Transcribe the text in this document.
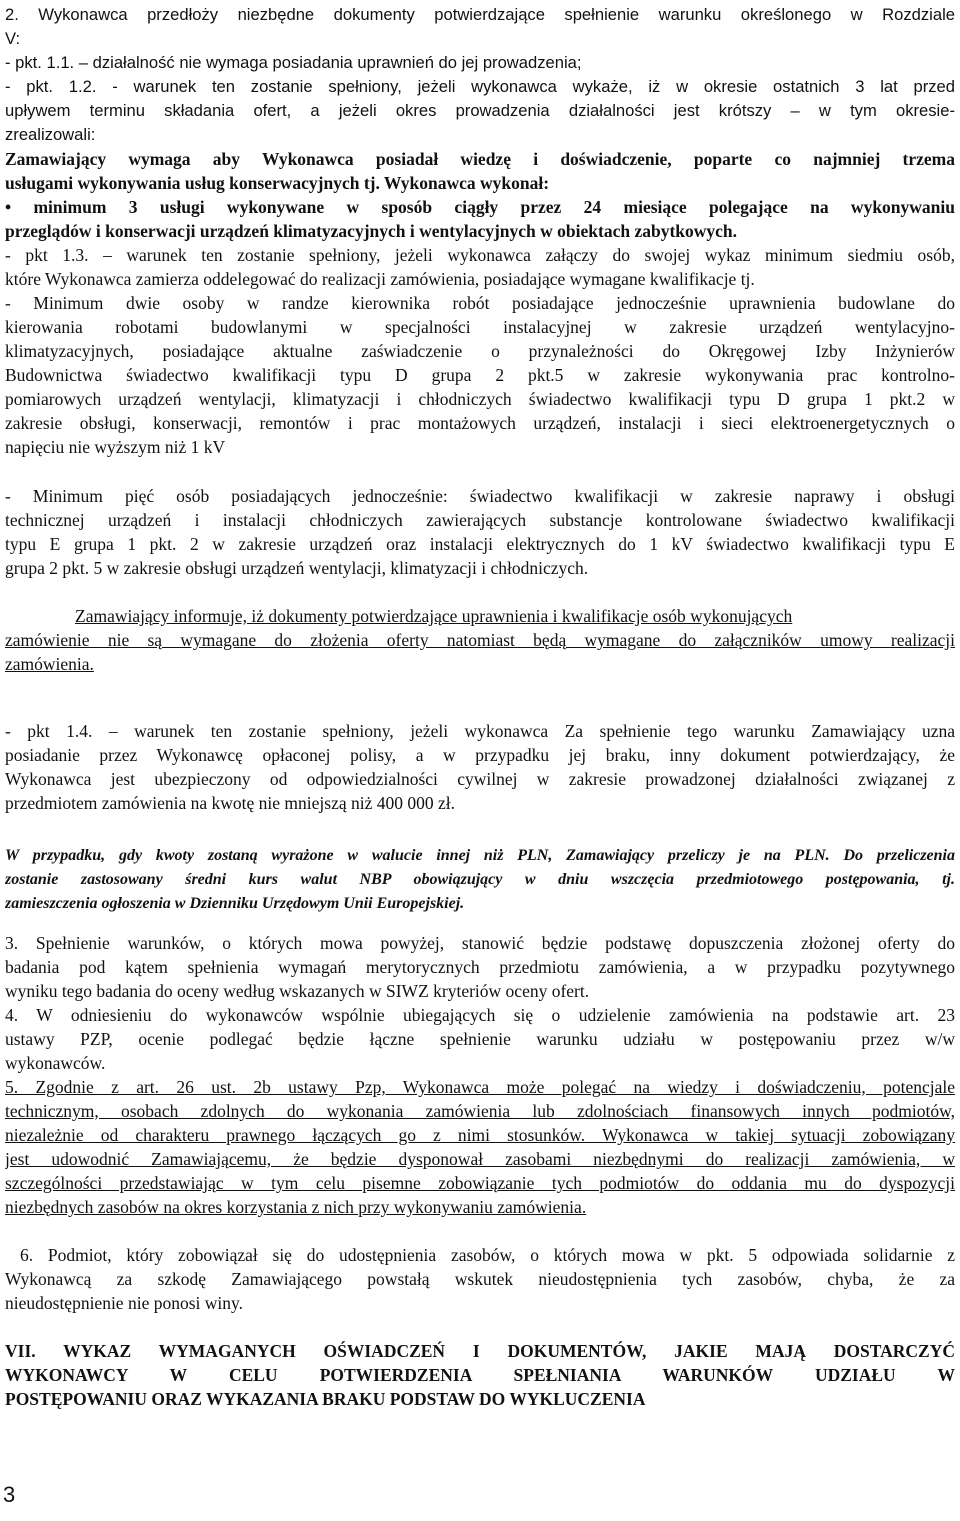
2. Wykonawca przedłoży niezbędne dokumenty potwierdzające spełnienie warunku określonego w Rozdziale
V:
- pkt. 1.1. – działalność nie wymaga posiadania uprawnień do jej prowadzenia;
- pkt. 1.2. - warunek ten zostanie spełniony, jeżeli wykonawca wykaże, iż w okresie ostatnich 3 lat przed
upływem terminu składania ofert, a jeżeli okres prowadzenia działalności jest krótszy – w tym okresie-
zrealizowali:
Zamawiający wymaga aby Wykonawca posiadał wiedzę i doświadczenie, poparte co najmniej trzema
usługami wykonywania usług konserwacyjnych tj. Wykonawca wykonał:
• minimum 3 usługi wykonywane w sposób ciągły przez 24 miesiące polegające na wykonywaniu
przeglądów i konserwacji urządzeń klimatyzacyjnych i wentylacyjnych w obiektach zabytkowych.
- pkt 1.3. – warunek ten zostanie spełniony, jeżeli wykonawca załączy do swojej wykaz minimum siedmiu osób,
które Wykonawca zamierza oddelegować do realizacji zamówienia, posiadające wymagane kwalifikacje tj.
- Minimum dwie osoby w randze kierownika robót posiadające jednocześnie uprawnienia budowlane do
kierowania robotami budowlanymi w specjalności instalacyjnej w zakresie urządzeń wentylacyjno-
klimatyzacyjnych, posiadające aktualne zaświadczenie o przynależności do Okręgowej Izby Inżynierów
Budownictwa świadectwo kwalifikacji typu D grupa 2 pkt.5 w zakresie wykonywania prac kontrolno-
pomiarowych urządzeń wentylacji, klimatyzacji i chłodniczych świadectwo kwalifikacji typu D grupa 1 pkt.2 w
zakresie obsługi, konserwacji, remontów i prac montażowych urządzeń, instalacji i sieci elektroenergetycznych o
napięciu nie wyższym niż 1 kV
- Minimum pięć osób posiadających jednocześnie: świadectwo kwalifikacji w zakresie naprawy i obsługi
technicznej urządzeń i instalacji chłodniczych zawierających substancje kontrolowane świadectwo kwalifikacji
typu E grupa 1 pkt. 2 w zakresie urządzeń oraz instalacji elektrycznych do 1 kV świadectwo kwalifikacji typu E
grupa 2 pkt. 5 w zakresie obsługi urządzeń wentylacji, klimatyzacji i chłodniczych.
Zamawiający informuje, iż dokumenty potwierdzające uprawnienia i kwalifikacje osób wykonujących
zamówienie nie są wymagane do złożenia oferty natomiast będą wymagane do załączników umowy realizacji
zamówienia.
- pkt 1.4. – warunek ten zostanie spełniony, jeżeli wykonawca Za spełnienie tego warunku Zamawiający uzna
posiadanie przez Wykonawcę opłaconej polisy, a w przypadku jej braku, inny dokument potwierdzający, że
Wykonawca jest ubezpieczony od odpowiedzialności cywilnej w zakresie prowadzonej działalności związanej z
przedmiotem zamówienia na kwotę nie mniejszą niż 400 000 zł.
W przypadku, gdy kwoty zostaną wyrażone w walucie innej niż PLN, Zamawiający przeliczy je na PLN. Do przeliczenia
zostanie zastosowany średni kurs walut NBP obowiązujący w dniu wszczęcia przedmiotowego postępowania, tj.
zamieszczenia ogłoszenia w Dzienniku Urzędowym Unii Europejskiej.
3. Spełnienie warunków, o których mowa powyżej, stanowić będzie podstawę dopuszczenia złożonej oferty do
badania pod kątem spełnienia wymagań merytorycznych przedmiotu zamówienia, a w przypadku pozytywnego
wyniku tego badania do oceny według wskazanych w SIWZ kryteriów oceny ofert.
4. W odniesieniu do wykonawców wspólnie ubiegających się o udzielenie zamówienia na podstawie art. 23
ustawy PZP, ocenie podlegać będzie łączne spełnienie warunku udziału w postępowaniu przez w/w
wykonawców.
5. Zgodnie z art. 26 ust. 2b ustawy Pzp, Wykonawca może polegać na wiedzy i doświadczeniu, potencjale
technicznym, osobach zdolnych do wykonania zamówienia lub zdolnościach finansowych innych podmiotów,
niezależnie od charakteru prawnego łączących go z nimi stosunków. Wykonawca w takiej sytuacji zobowiązany
jest udowodnić Zamawiającemu, że będzie dysponował zasobami niezbędnymi do realizacji zamówienia, w
szczególności przedstawiając w tym celu pisemne zobowiązanie tych podmiotów do oddania mu do dyspozycji
niezbędnych zasobów na okres korzystania z nich przy wykonywaniu zamówienia.
6. Podmiot, który zobowiązał się do udostępnienia zasobów, o których mowa w pkt. 5 odpowiada solidarnie z
Wykonawcą za szkodę Zamawiającego powstałą wskutek nieudostępnienia tych zasobów, chyba, że za
nieudostępnienie nie ponosi winy.
VII. WYKAZ WYMAGANYCH OŚWIADCZEŃ I DOKUMENTÓW, JAKIE MAJĄ DOSTARCZYĆ
WYKONAWCY W CELU POTWIERDZENIA SPEŁNIANIA WARUNKÓW UDZIAŁU W
POSTĘPOWANIU ORAZ WYKAZANIA BRAKU PODSTAW DO WYKLUCZENIA
3
